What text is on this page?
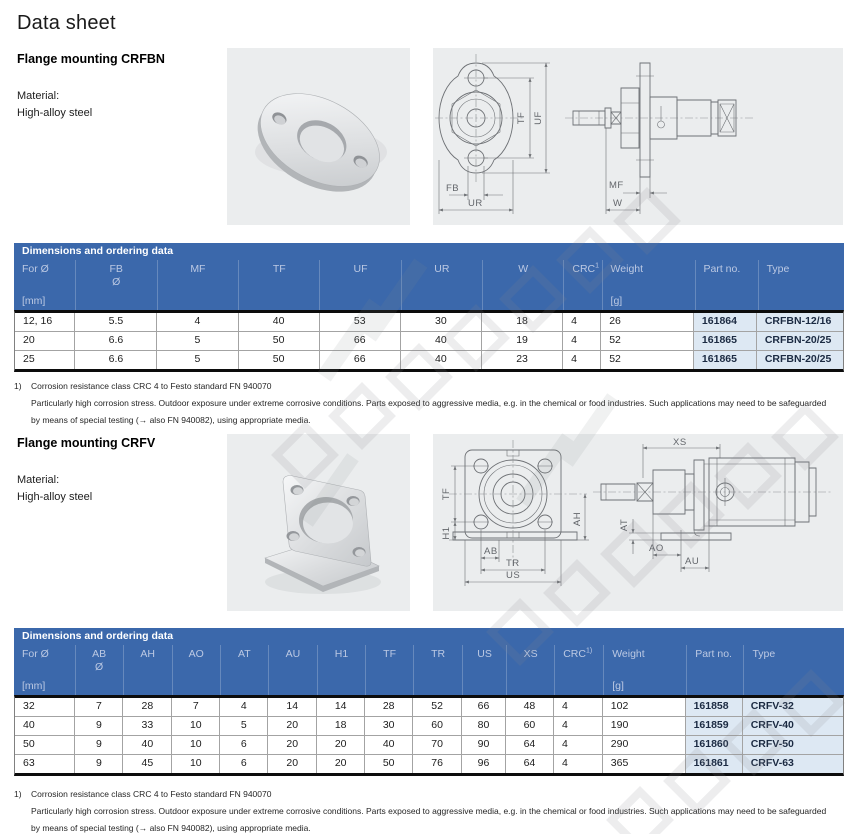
Data sheet
Flange mounting CRFBN
Material:
High-alloy steel	TF UF
FB
UR
MF
W
Dimensions and ordering data
For Ø
[mm]
FB
Ø
MF	TF	UF	UR	W	CRC$^1$ Weight
[g]
Part no.	Type
12, 16	5.5	4	40	53	30	18	4	26	161864	CRFBN-12/16
20	6.6	5	50	66	40	19	4	52	161865	CRFBN-20/25
25	6.6	5	50	66	40	23	4	52	161865	CRFBN-20/25
1)	Corrosion resistance class CRC 4 to Festo standard FN 940070
Particularly high corrosion stress. Outdoor exposure under extreme corrosive conditions. Parts exposed to aggressive media, e.g. in the chemical or food industries. Such applications may need to be safeguarded by means of special testing (→ also FN 940082), using appropriate media.
Flange mounting CRFV
Material:
High-alloy steel	TF
H1
AH
AB
TR
US
XS
AT
AO
AU
Dimensions and ordering data
For Ø
[mm]
AB
Ø
AH	AO	AT	AU	H1	TF	TR	US	XS	CRC$^{1)}$	Weight
[g]
Part no.	Type
32	7	28	7	4	14	14	28	52	66	48	4	102	161858	CRFV-32
40	9	33	10	5	20	18	30	60	80	60	4	190	161859	CRFV-40
50	9	40	10	6	20	20	40	70	90	64	4	290	161860	CRFV-50
63	9	45	10	6	20	20	50	76	96	64	4	365	161861	CRFV-63
1)	Corrosion resistance class CRC 4 to Festo standard FN 940070
Particularly high corrosion stress. Outdoor exposure under extreme corrosive conditions. Parts exposed to aggressive media, e.g. in the chemical or food industries. Such applications may need to be safeguarded by means of special testing (→ also FN 940082), using appropriate media.
